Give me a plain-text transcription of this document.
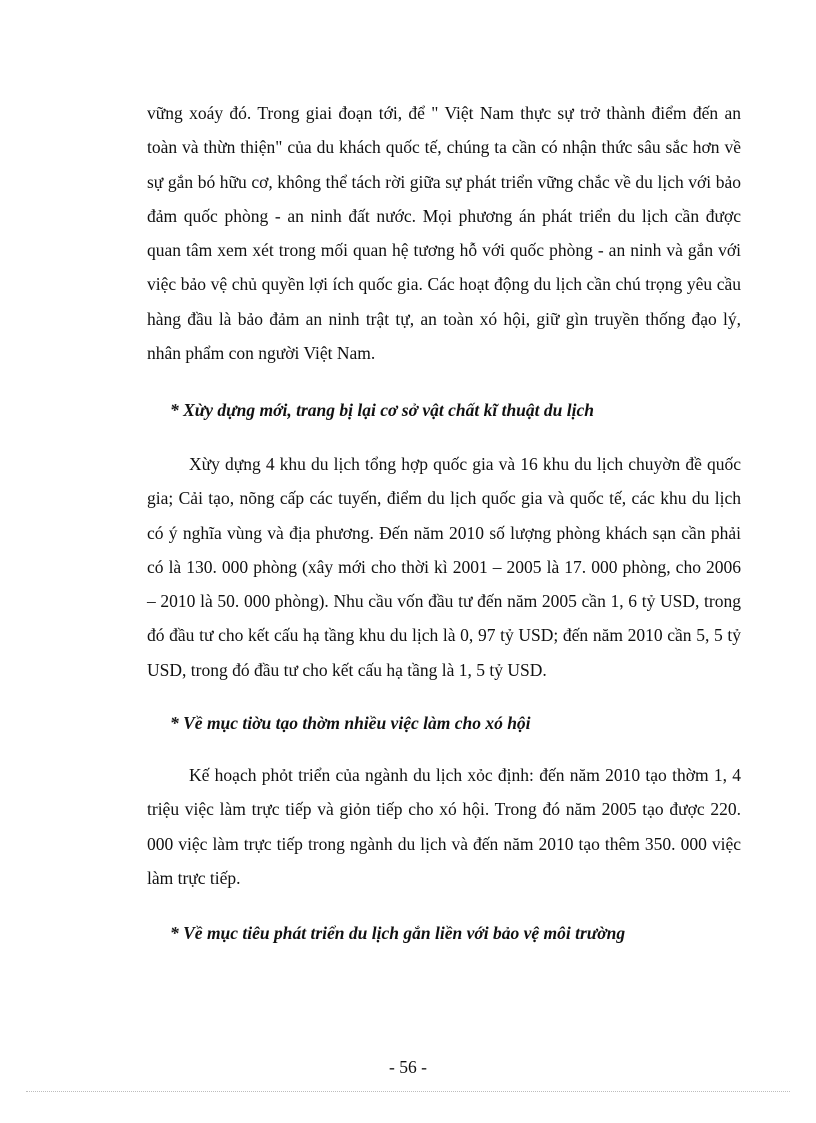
vững xoáy đó. Trong giai đoạn tới, để " Việt Nam thực sự trở thành điểm đến an toàn và thừn thiện" của du khách quốc tế, chúng ta cần có nhận thức sâu sắc hơn về sự gắn bó hữu cơ, không thể tách rời giữa sự phát triển vững chắc về du lịch với bảo đảm quốc phòng - an ninh đất nước. Mọi phương án phát triển du lịch cần được quan tâm xem xét trong mối quan hệ tương hỗ với quốc phòng - an ninh và gắn với việc bảo vệ chủ quyền lợi ích quốc gia. Các hoạt động du lịch cần chú trọng yêu cầu hàng đầu là bảo đảm an ninh trật tự, an toàn xó hội, giữ gìn truyền thống đạo lý, nhân phẩm con người Việt Nam.

* Xừy dựng mới, trang bị lại cơ sở vật chất kĩ thuật du lịch

Xừy dựng 4 khu du lịch tổng hợp quốc gia và 16 khu du lịch chuyờn đề quốc gia; Cải tạo, nõng cấp các tuyến, điểm du lịch quốc gia và quốc tế, các khu du lịch có ý nghĩa vùng và địa phương. Đến năm 2010 số lượng phòng khách sạn cần phải có là 130. 000 phòng (xây mới cho thời kì 2001 – 2005 là 17. 000 phòng, cho 2006 – 2010 là 50. 000 phòng). Nhu cầu vốn đầu tư đến năm 2005 cần 1, 6 tỷ USD, trong đó đầu tư cho kết cấu hạ tầng khu du lịch là 0, 97 tỷ USD; đến năm 2010 cần 5, 5 tỷ USD, trong đó đầu tư cho kết cấu hạ tầng là 1, 5 tỷ USD.

* Về mục tiờu tạo thờm nhiều việc làm cho xó hội

Kế hoạch phỏt triển của ngành du lịch xỏc định: đến năm 2010 tạo thờm 1, 4 triệu việc làm trực tiếp và giỏn tiếp cho xó hội. Trong đó năm 2005 tạo được 220. 000 việc làm trực tiếp trong ngành du lịch và đến năm 2010 tạo thêm 350. 000 việc làm trực tiếp.

* Về mục tiêu phát triển du lịch gắn liền với bảo vệ môi trường

- 56 -
